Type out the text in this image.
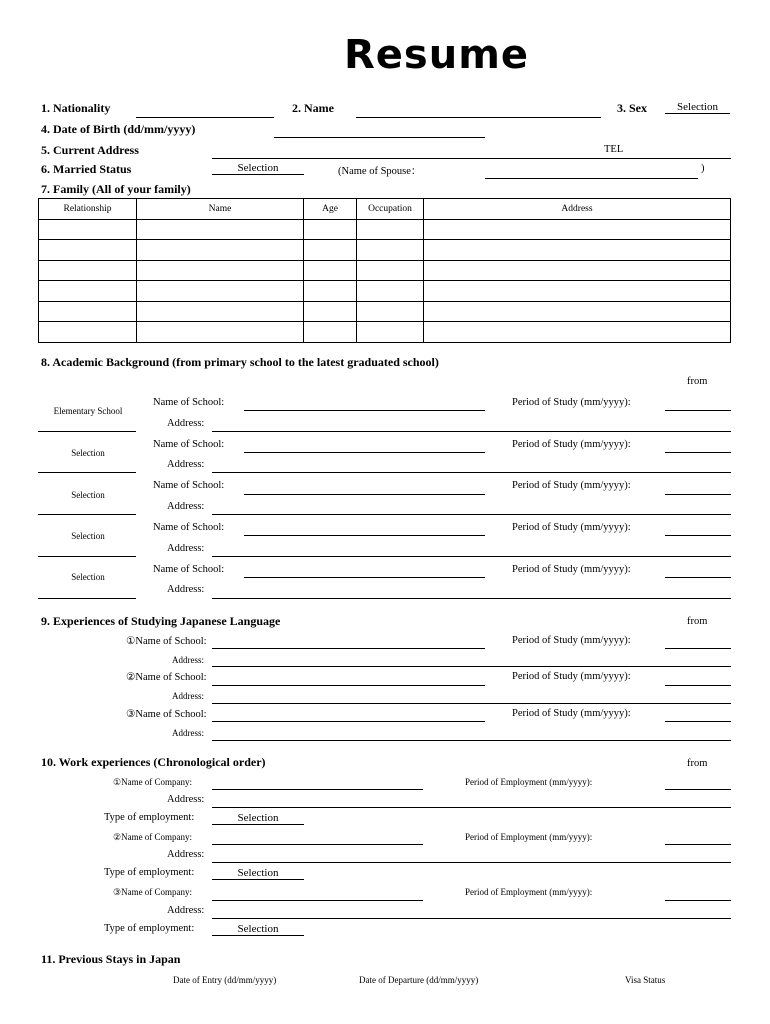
Resume
1. Nationality	2. Name	3. Sex	Selection
4. Date of Birth (dd/mm/yyyy)
5. Current Address	TEL
6. Married Status	Selection	(Name of Spouse：	)
7. Family (All of your family)
Relationship	Name	Age	Occupation	Address

8. Academic Background (from primary school to the latest graduated school)
from
Elementary School
Name of School:	Period of Study (mm/yyyy):
Address:
Selection
Name of School:	Period of Study (mm/yyyy):
Address:
Selection
Name of School:	Period of Study (mm/yyyy):
Address:
Selection
Name of School:	Period of Study (mm/yyyy):
Address:
Selection
Name of School:	Period of Study (mm/yyyy):
Address:
9. Experiences of Studying Japanese Language	from
①Name of School:	Period of Study (mm/yyyy):
Address:
②Name of School:	Period of Study (mm/yyyy):
Address:
③Name of School:	Period of Study (mm/yyyy):
Address:
10. Work experiences (Chronological order)	from
①Name of Company:	Period of Employment (mm/yyyy):
Address:
Type of employment:	Selection
②Name of Company:	Period of Employment (mm/yyyy):
Address:
Type of employment:	Selection
③Name of Company:	Period of Employment (mm/yyyy):
Address:
Type of employment:	Selection
11. Previous Stays in Japan
Date of Entry (dd/mm/yyyy)	Date of Departure (dd/mm/yyyy)	Visa Status
